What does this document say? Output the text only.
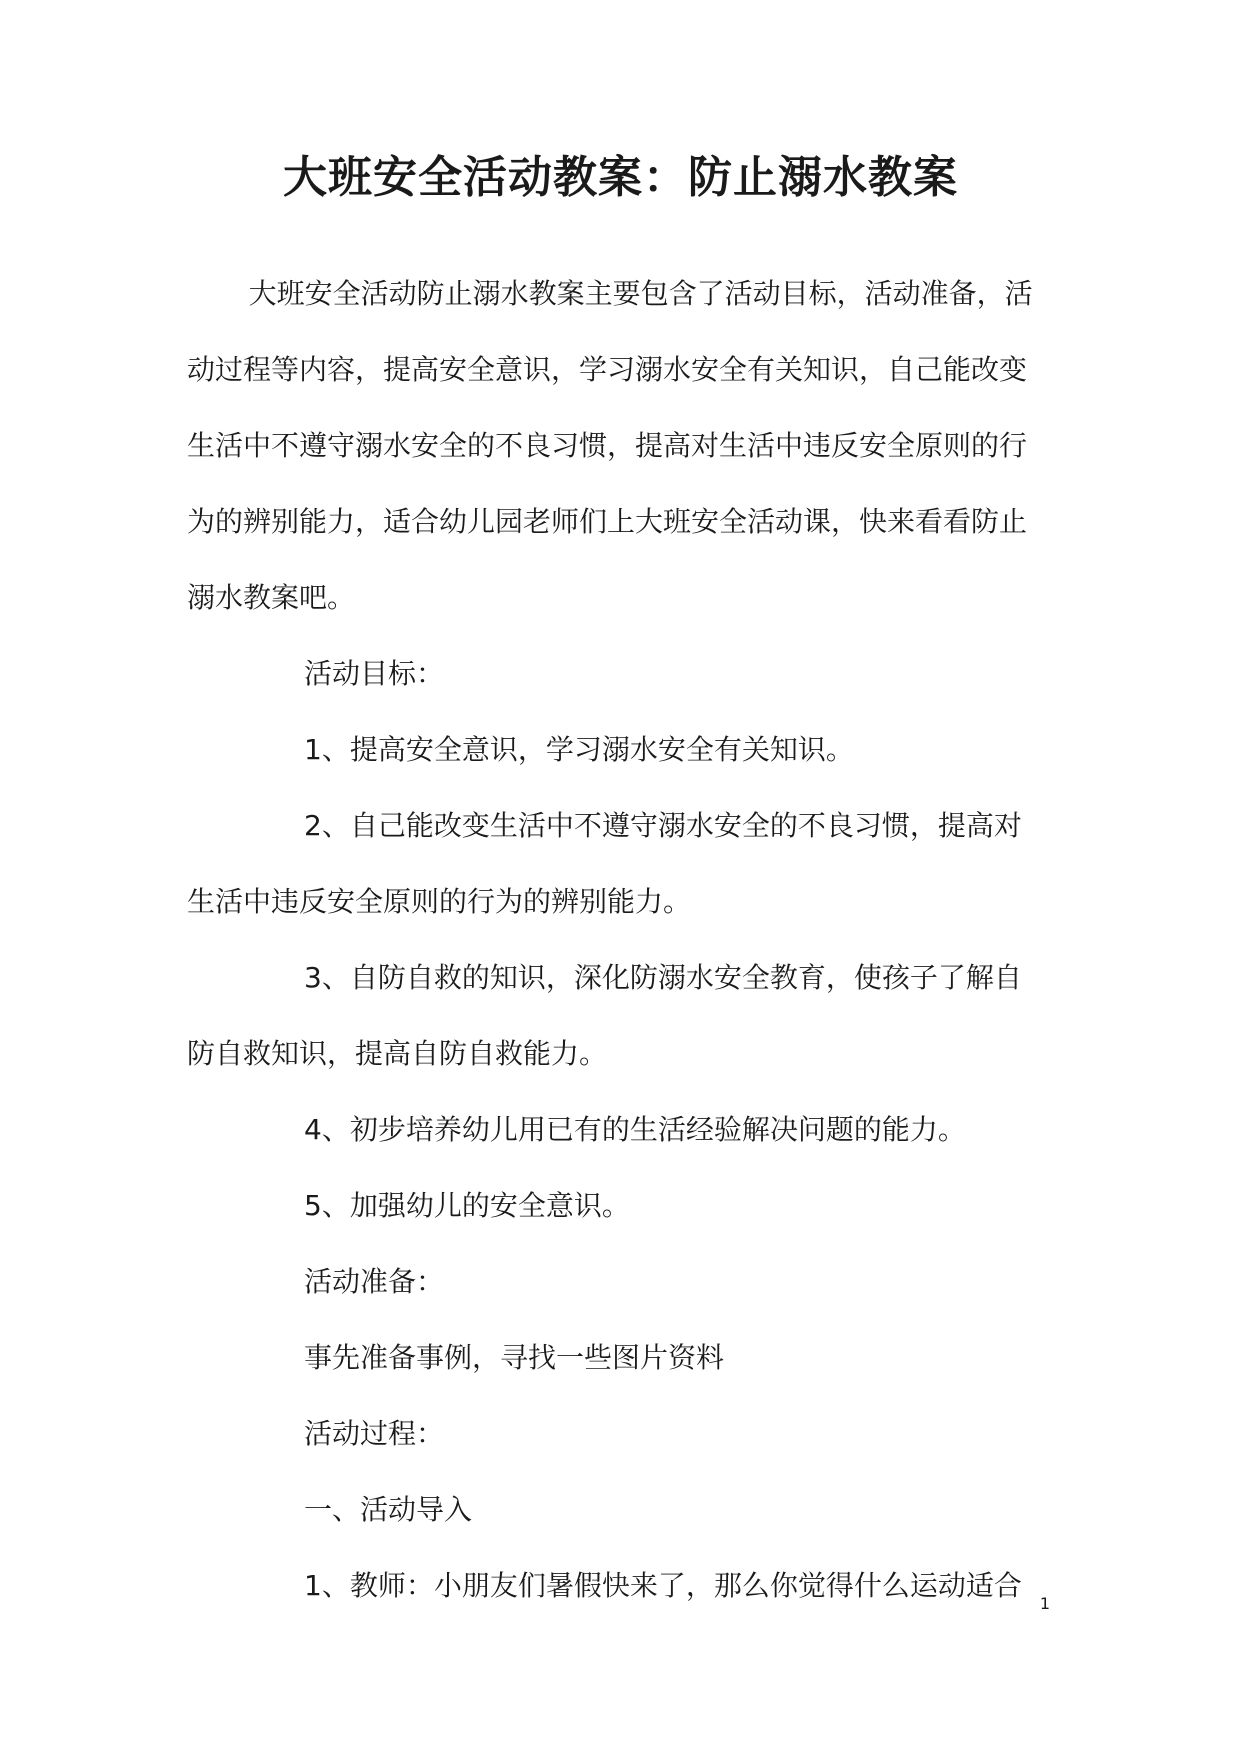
大班安全活动教案：防止溺水教案

大班安全活动防止溺水教案主要包含了活动目标，活动准备，活

动过程等内容，提高安全意识，学习溺水安全有关知识，自己能改变

生活中不遵守溺水安全的不良习惯，提高对生活中违反安全原则的行

为的辨别能力，适合幼儿园老师们上大班安全活动课，快来看看防止

溺水教案吧。

活动目标：

1、提高安全意识，学习溺水安全有关知识。

2、自己能改变生活中不遵守溺水安全的不良习惯，提高对

生活中违反安全原则的行为的辨别能力。

3、自防自救的知识，深化防溺水安全教育，使孩子了解自

防自救知识，提高自防自救能力。

4、初步培养幼儿用已有的生活经验解决问题的能力。

5、加强幼儿的安全意识。

活动准备：

事先准备事例，寻找一些图片资料

活动过程：

一、活动导入

1、教师：小朋友们暑假快来了，那么你觉得什么运动适合

1
